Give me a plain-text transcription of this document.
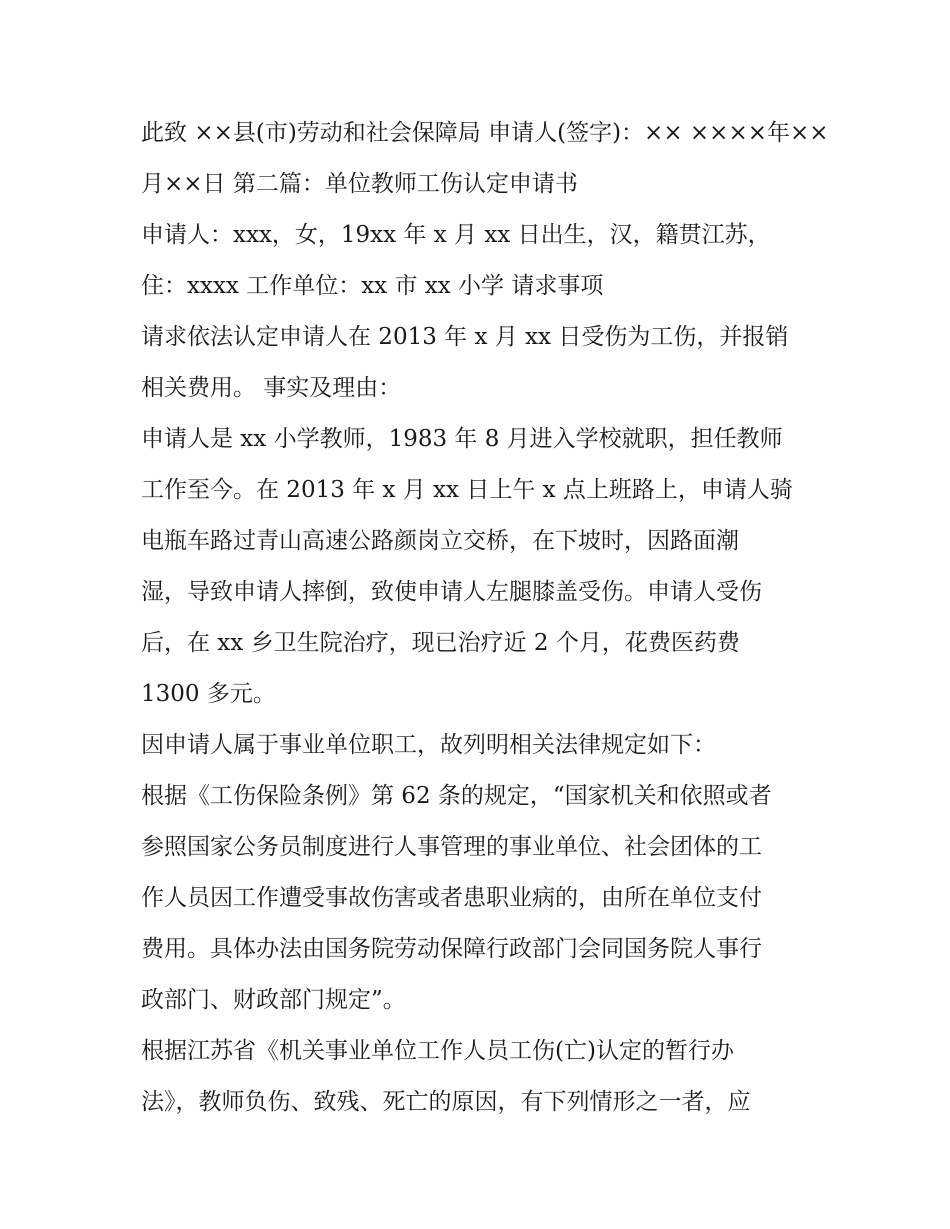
此致 ××县(市)劳动和社会保障局 申请人(签字)：×× ××××年××
月××日 第二篇：单位教师工伤认定申请书
申请人：xxx，女，19xx 年 x 月 xx 日出生，汉，籍贯江苏，
住：xxxx 工作单位：xx 市 xx 小学 请求事项
请求依法认定申请人在 2013 年 x 月 xx 日受伤为工伤，并报销
相关费用。 事实及理由：
申请人是 xx 小学教师，1983 年 8 月进入学校就职，担任教师
工作至今。在 2013 年 x 月 xx 日上午 x 点上班路上，申请人骑
电瓶车路过青山高速公路颜岗立交桥，在下坡时，因路面潮
湿，导致申请人摔倒，致使申请人左腿膝盖受伤。申请人受伤
后，在 xx 乡卫生院治疗，现已治疗近 2 个月，花费医药费
1300 多元。
因申请人属于事业单位职工，故列明相关法律规定如下：
根据《工伤保险条例》第 62 条的规定，“国家机关和依照或者
参照国家公务员制度进行人事管理的事业单位、社会团体的工
作人员因工作遭受事故伤害或者患职业病的，由所在单位支付
费用。具体办法由国务院劳动保障行政部门会同国务院人事行
政部门、财政部门规定”。
根据江苏省《机关事业单位工作人员工伤(亡)认定的暂行办
法》，教师负伤、致残、死亡的原因，有下列情形之一者，应
